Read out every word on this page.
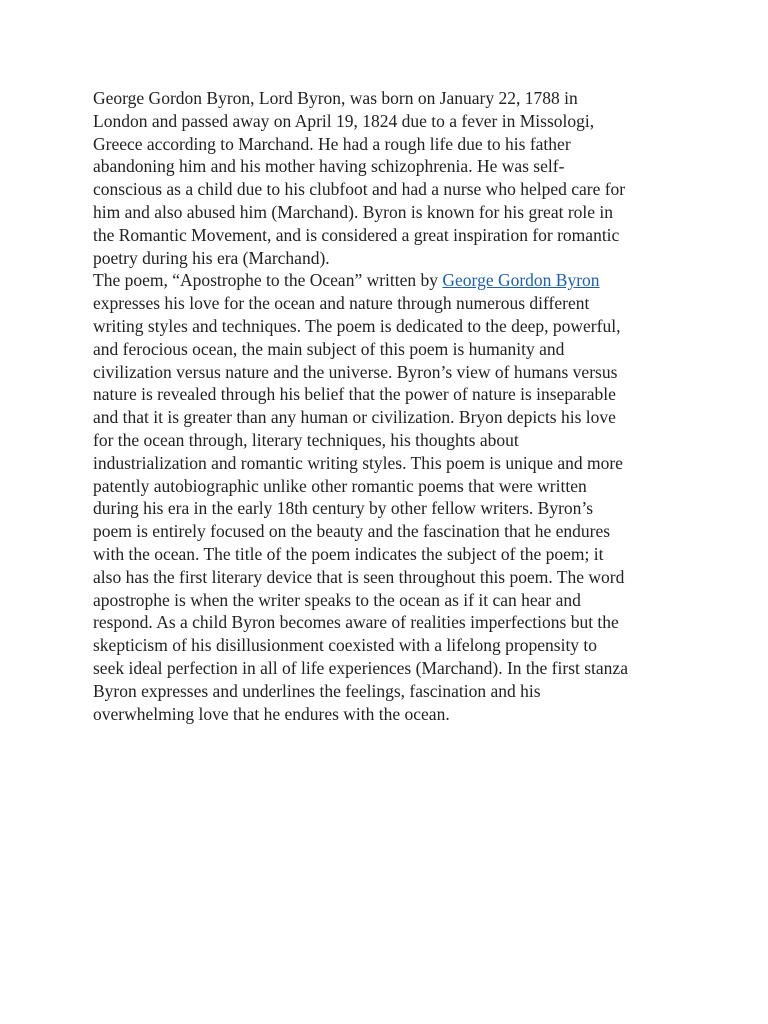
George Gordon Byron, Lord Byron, was born on January 22, 1788 in
London and passed away on April 19, 1824 due to a fever in Missologi,
Greece according to Marchand. He had a rough life due to his father
abandoning him and his mother having schizophrenia. He was self-
conscious as a child due to his clubfoot and had a nurse who helped care for
him and also abused him (Marchand). Byron is known for his great role in
the Romantic Movement, and is considered a great inspiration for romantic
poetry during his era (Marchand).
The poem, “Apostrophe to the Ocean” written by George Gordon Byron
expresses his love for the ocean and nature through numerous different
writing styles and techniques. The poem is dedicated to the deep, powerful,
and ferocious ocean, the main subject of this poem is humanity and
civilization versus nature and the universe. Byron’s view of humans versus
nature is revealed through his belief that the power of nature is inseparable
and that it is greater than any human or civilization. Bryon depicts his love
for the ocean through, literary techniques, his thoughts about
industrialization and romantic writing styles. This poem is unique and more
patently autobiographic unlike other romantic poems that were written
during his era in the early 18th century by other fellow writers. Byron’s
poem is entirely focused on the beauty and the fascination that he endures
with the ocean. The title of the poem indicates the subject of the poem; it
also has the first literary device that is seen throughout this poem. The word
apostrophe is when the writer speaks to the ocean as if it can hear and
respond. As a child Byron becomes aware of realities imperfections but the
skepticism of his disillusionment coexisted with a lifelong propensity to
seek ideal perfection in all of life experiences (Marchand). In the first stanza
Byron expresses and underlines the feelings, fascination and his
overwhelming love that he endures with the ocean.
